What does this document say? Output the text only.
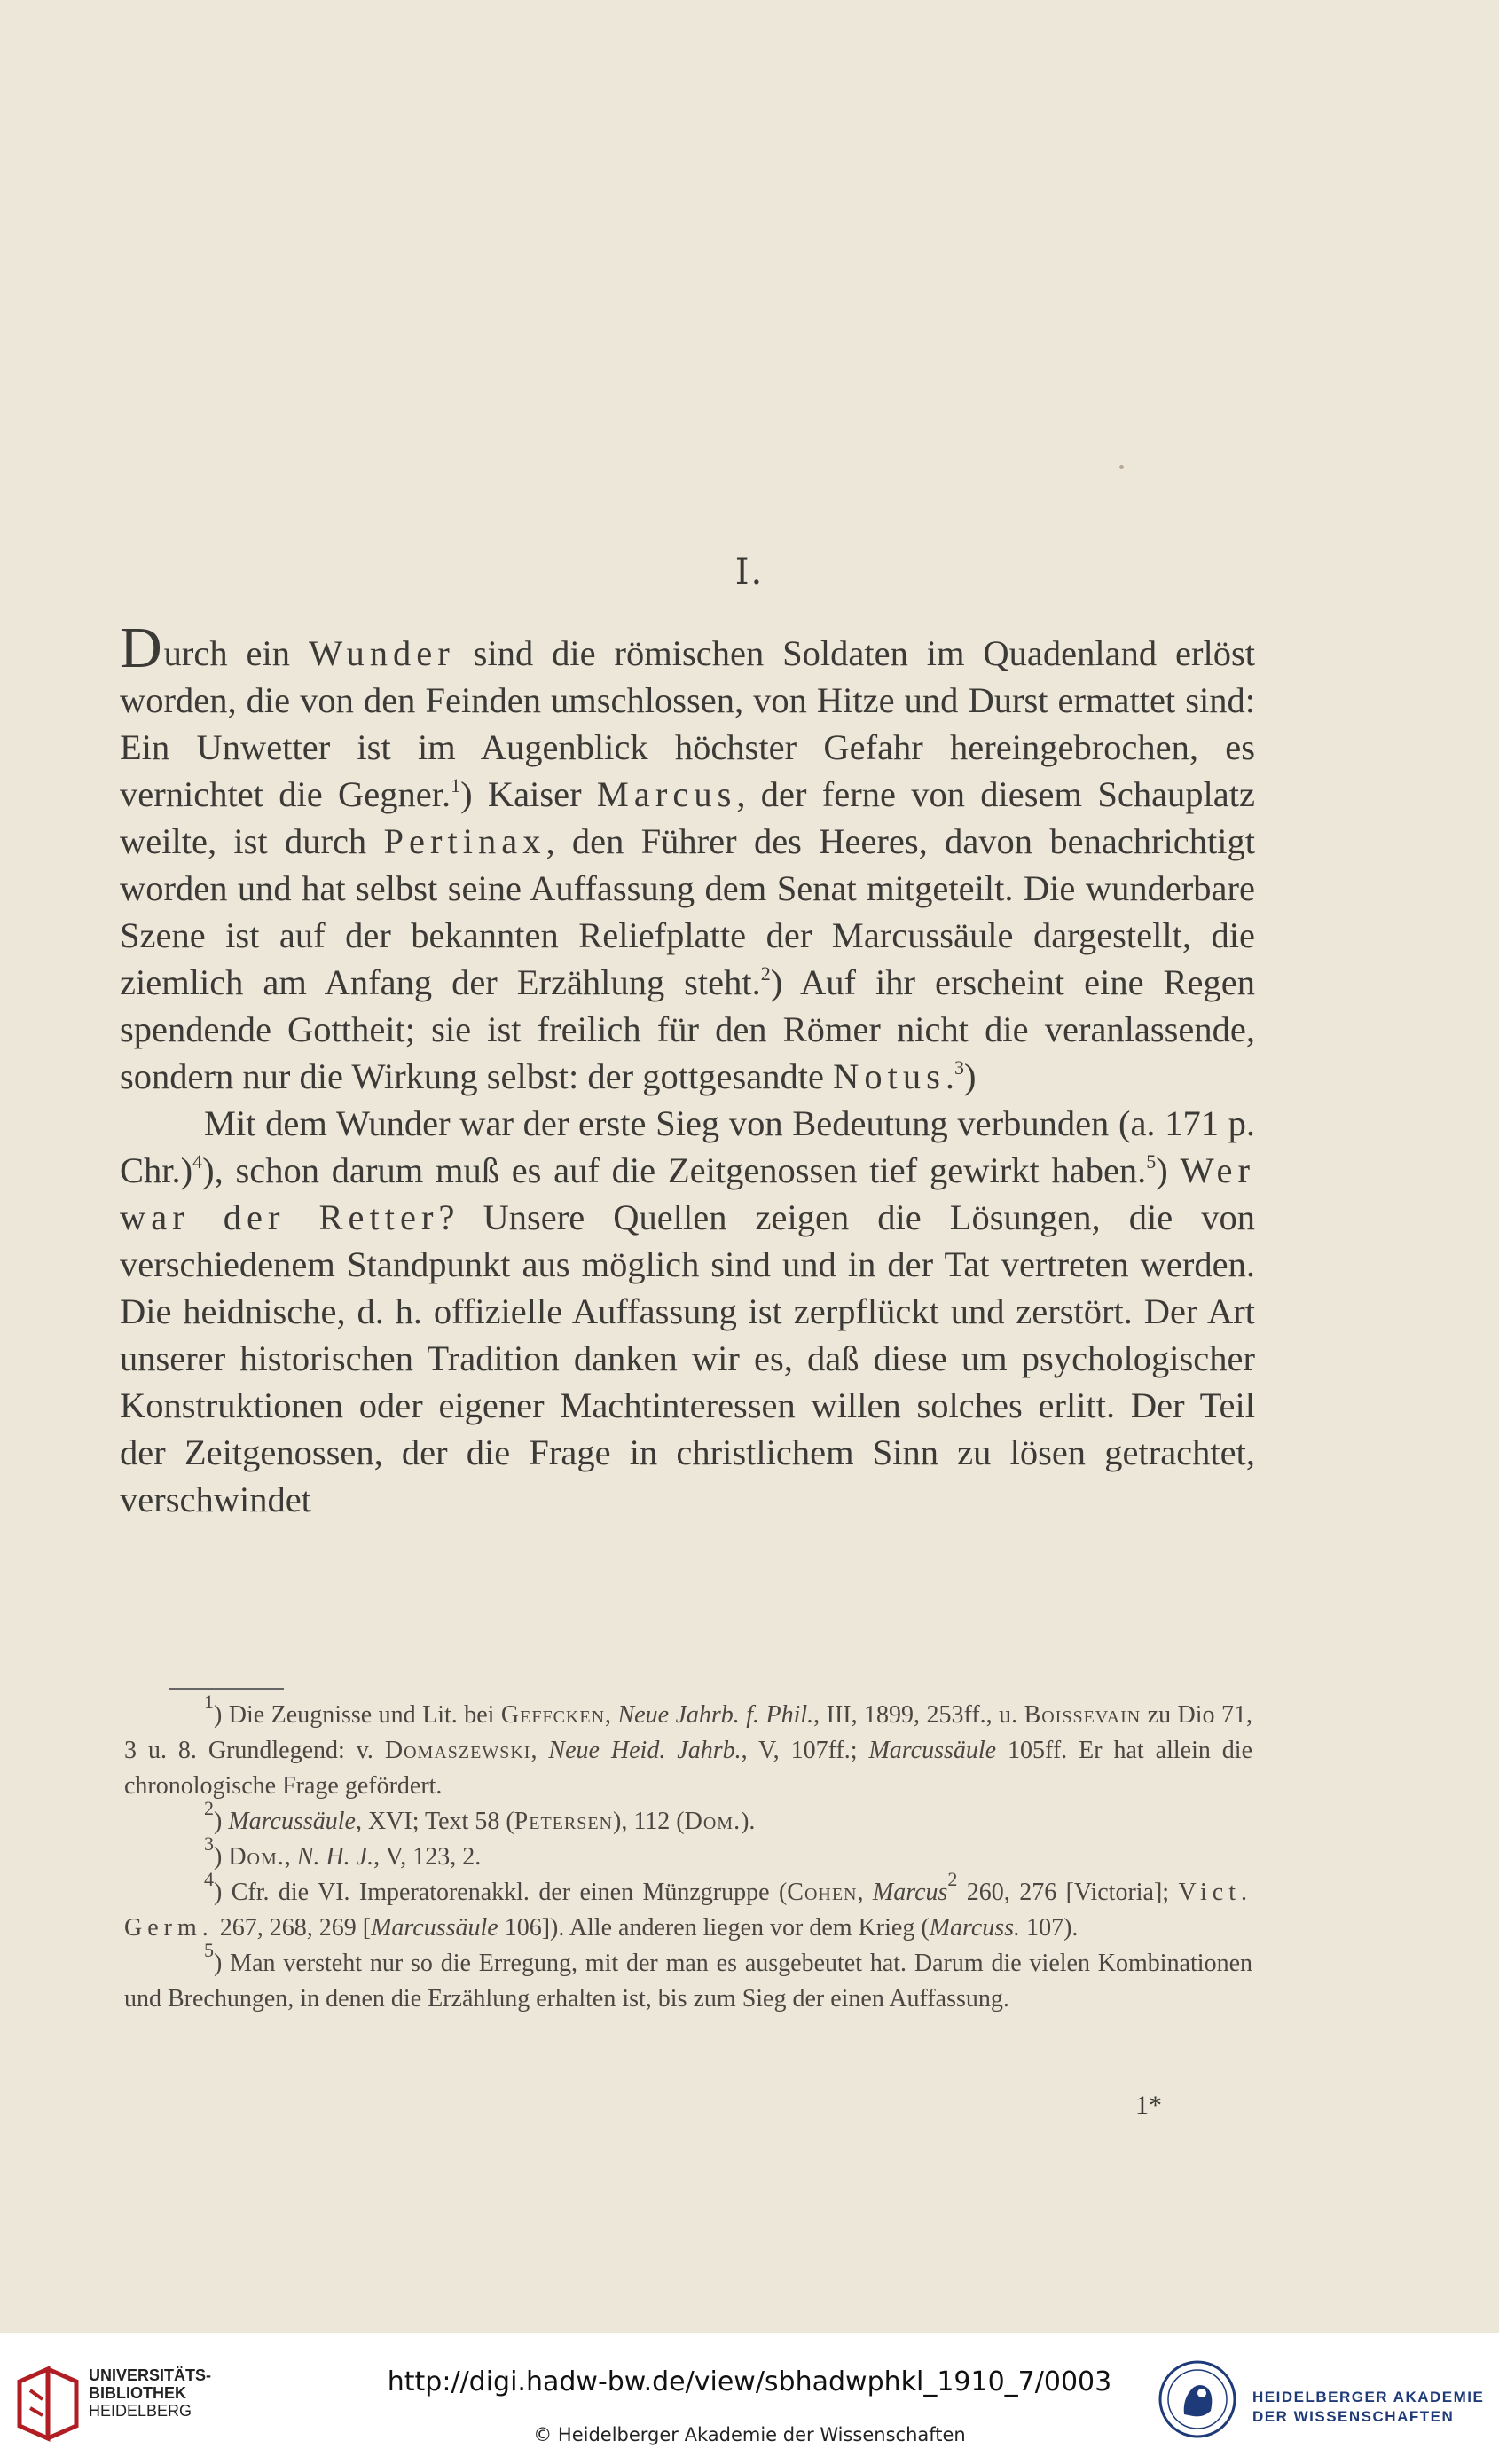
I.

Durch ein Wunder sind die römischen Soldaten im Quadenland erlöst worden, die von den Feinden umschlossen, von Hitze und Durst ermattet sind: Ein Unwetter ist im Augenblick höchster Gefahr hereingebrochen, es vernichtet die Gegner.$^1$) Kaiser Marcus, der ferne von diesem Schauplatz weilte, ist durch Pertinax, den Führer des Heeres, davon benachrichtigt worden und hat selbst seine Auffassung dem Senat mitgeteilt. Die wunderbare Szene ist auf der bekannten Reliefplatte der Marcussäule dargestellt, die ziemlich am Anfang der Erzählung steht.$^2$) Auf ihr erscheint eine Regen spendende Gottheit; sie ist freilich für den Römer nicht die veranlassende, sondern nur die Wirkung selbst: der gottgesandte Notus.$^3$)

Mit dem Wunder war der erste Sieg von Bedeutung verbunden (a. 171 p. Chr.)$^4$), schon darum muß es auf die Zeitgenossen tief gewirkt haben.$^5$) Wer war der Retter? Unsere Quellen zeigen die Lösungen, die von verschiedenem Standpunkt aus möglich sind und in der Tat vertreten werden. Die heidnische, d. h. offizielle Auffassung ist zerpflückt und zerstört. Der Art unserer historischen Tradition danken wir es, daß diese um psychologischer Konstruktionen oder eigener Machtinteressen willen solches erlitt. Der Teil der Zeitgenossen, der die Frage in christlichem Sinn zu lösen getrachtet, verschwindet

$^1$) Die Zeugnisse und Lit. bei Geffcken, Neue Jahrb. f. Phil., III, 1899, 253ff., u. Boissevain zu Dio 71, 3 u. 8. Grundlegend: v. Domaszewski, Neue Heid. Jahrb., V, 107ff.; Marcussäule 105ff. Er hat allein die chronologische Frage gefördert.

$^2$) Marcussäule, XVI; Text 58 (Petersen), 112 (Dom.).

$^3$) Dom., N. H. J., V, 123, 2.

$^4$) Cfr. die VI. Imperatorenakkl. der einen Münzgruppe (Cohen, Marcus$^2$ 260, 276 [Victoria]; Vict. Germ. 267, 268, 269 [Marcussäule 106]). Alle anderen liegen vor dem Krieg (Marcuss. 107).

$^5$) Man versteht nur so die Erregung, mit der man es ausgebeutet hat. Darum die vielen Kombinationen und Brechungen, in denen die Erzählung erhalten ist, bis zum Sieg der einen Auffassung.

1*
UNIVERSITÄTS-
BIBLIOTHEK
HEIDELBERG
http://digi.hadw-bw.de/view/sbhadwphkl_1910_7/0003
© Heidelberger Akademie der Wissenschaften
HEIDELBERGER AKADEMIE
DER WISSENSCHAFTEN
